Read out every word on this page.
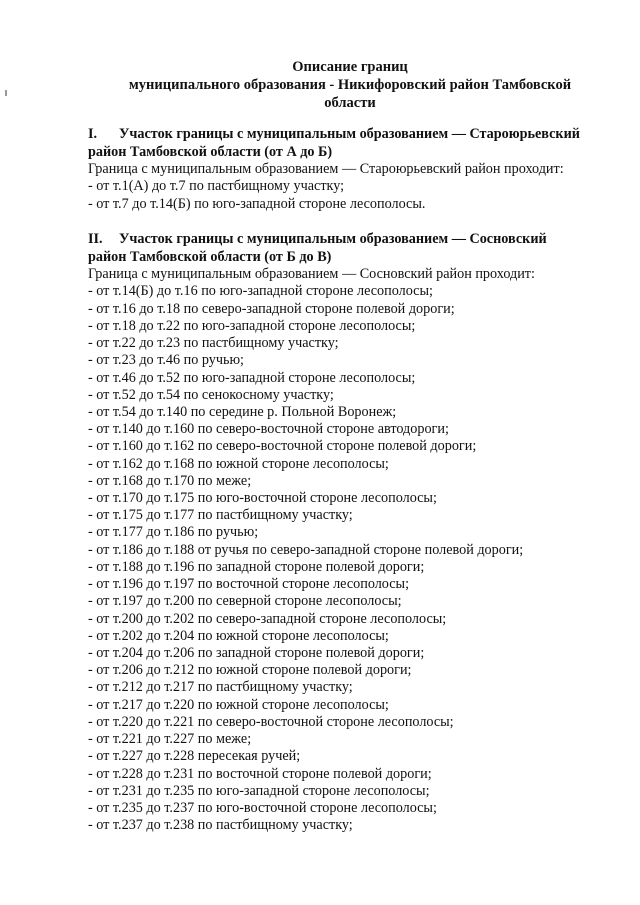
Описание границ
муниципального образования - Никифоровский район Тамбовской
области
I. Участок границы с муниципальным образованием — Староюрьевский
район Тамбовской области (от А до Б)
Граница с муниципальным образованием — Староюрьевский район проходит:
- от т.1(А) до т.7 по пастбищному участку;
- от т.7 до т.14(Б) по юго-западной стороне лесополосы.
II. Участок границы с муниципальным образованием — Сосновский
район Тамбовской области (от Б до В)
Граница с муниципальным образованием — Сосновский район проходит:
- от т.14(Б) до т.16 по юго-западной стороне лесополосы;
- от т.16 до т.18 по северо-западной стороне полевой дороги;
- от т.18 до т.22 по юго-западной стороне лесополосы;
- от т.22 до т.23 по пастбищному участку;
- от т.23 до т.46 по ручью;
- от т.46 до т.52 по юго-западной стороне лесополосы;
- от т.52 до т.54 по сенокосному участку;
- от т.54 до т.140 по середине р. Польной Воронеж;
- от т.140 до т.160 по северо-восточной стороне автодороги;
- от т.160 до т.162 по северо-восточной стороне полевой дороги;
- от т.162 до т.168 по южной стороне лесополосы;
- от т.168 до т.170 по меже;
- от т.170 до т.175 по юго-восточной стороне лесополосы;
- от т.175 до т.177 по пастбищному участку;
- от т.177 до т.186 по ручью;
- от т.186 до т.188 от ручья по северо-западной стороне полевой дороги;
- от т.188 до т.196 по западной стороне полевой дороги;
- от т.196 до т.197 по восточной стороне лесополосы;
- от т.197 до т.200 по северной стороне лесополосы;
- от т.200 до т.202 по северо-западной стороне лесополосы;
- от т.202 до т.204 по южной стороне лесополосы;
- от т.204 до т.206 по западной стороне полевой дороги;
- от т.206 до т.212 по южной стороне полевой дороги;
- от т.212 до т.217 по пастбищному участку;
- от т.217 до т.220 по южной стороне лесополосы;
- от т.220 до т.221 по северо-восточной стороне лесополосы;
- от т.221 до т.227 по меже;
- от т.227 до т.228 пересекая ручей;
- от т.228 до т.231 по восточной стороне полевой дороги;
- от т.231 до т.235 по юго-западной стороне лесополосы;
- от т.235 до т.237 по юго-восточной стороне лесополосы;
- от т.237 до т.238 по пастбищному участку;
